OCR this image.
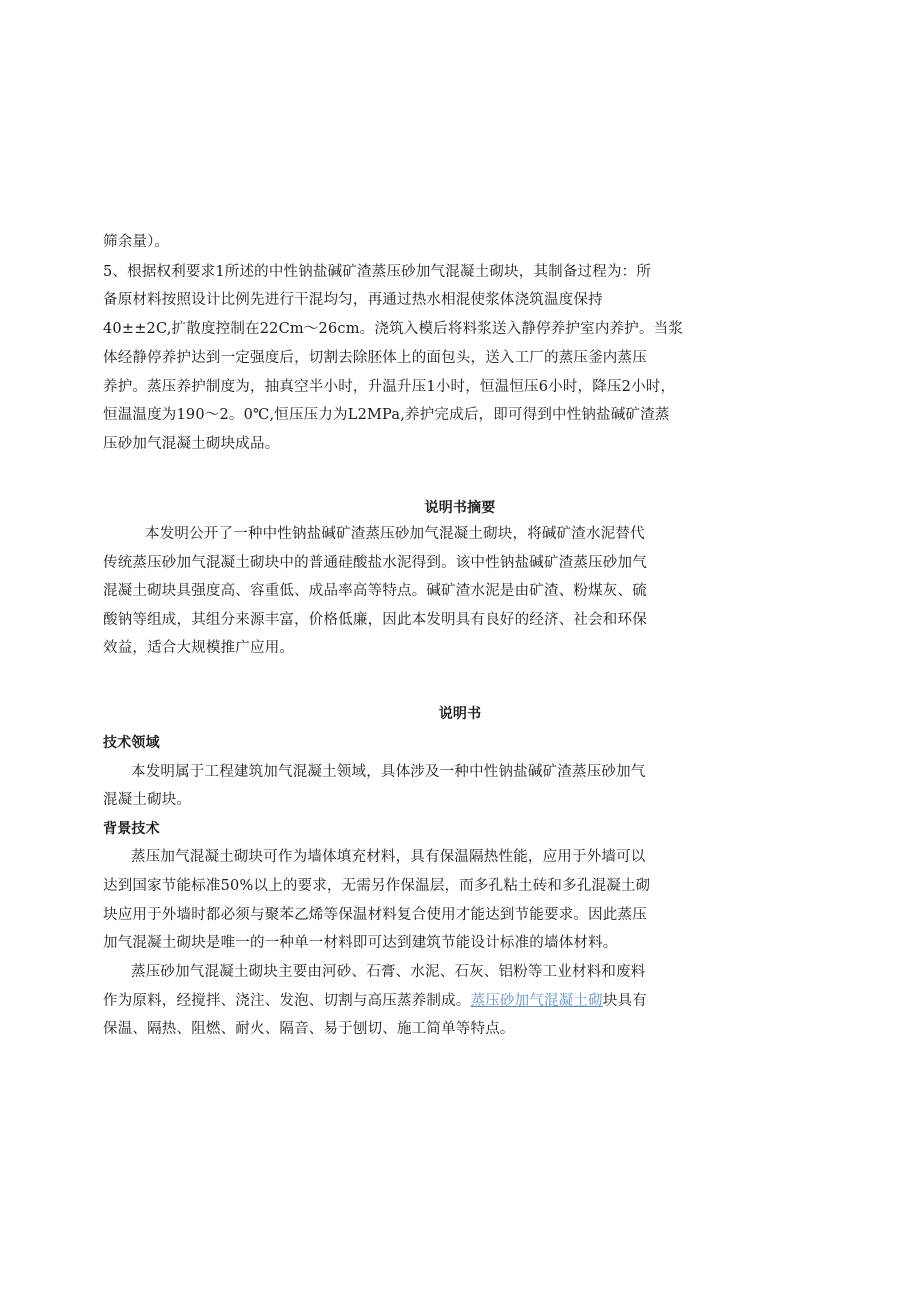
筛余量）。
5、根据权利要求1所述的中性钠盐碱矿渣蒸压砂加气混凝土砌块，其制备过程为：所
备原材料按照设计比例先进行干混均匀，再通过热水相混使浆体浇筑温度保持
40±±2C,扩散度控制在22Cm～26cm。浇筑入模后将料浆送入静停养护室内养护。当浆
体经静停养护达到一定强度后，切割去除胚体上的面包头，送入工厂的蒸压釜内蒸压
养护。蒸压养护制度为，抽真空半小时，升温升压1小时，恒温恒压6小时，降压2小时，
恒温温度为190～2。0℃,恒压压力为L2MPa,养护完成后，即可得到中性钠盐碱矿渣蒸
压砂加气混凝土砌块成品。
说明书摘要
本发明公开了一种中性钠盐碱矿渣蒸压砂加气混凝土砌块，将碱矿渣水泥替代
传统蒸压砂加气混凝土砌块中的普通硅酸盐水泥得到。该中性钠盐碱矿渣蒸压砂加气
混凝土砌块具强度高、容重低、成品率高等特点。碱矿渣水泥是由矿渣、粉煤灰、硫
酸钠等组成，其组分来源丰富，价格低廉，因此本发明具有良好的经济、社会和环保
效益，适合大规模推广应用。
说明书
技术领域
本发明属于工程建筑加气混凝土领域，具体涉及一种中性钠盐碱矿渣蒸压砂加气
混凝土砌块。
背景技术
蒸压加气混凝土砌块可作为墙体填充材料，具有保温隔热性能，应用于外墙可以
达到国家节能标准50%以上的要求，无需另作保温层，而多孔粘土砖和多孔混凝土砌
块应用于外墙时都必须与聚苯乙烯等保温材料复合使用才能达到节能要求。因此蒸压
加气混凝土砌块是唯一的一种单一材料即可达到建筑节能设计标准的墙体材料。
蒸压砂加气混凝土砌块主要由河砂、石膏、水泥、石灰、铝粉等工业材料和废料
作为原料，经搅拌、浇注、发泡、切割与高压蒸养制成。蒸压砂加气混凝土砌块具有
保温、隔热、阻燃、耐火、隔音、易于刨切、施工简单等特点。
